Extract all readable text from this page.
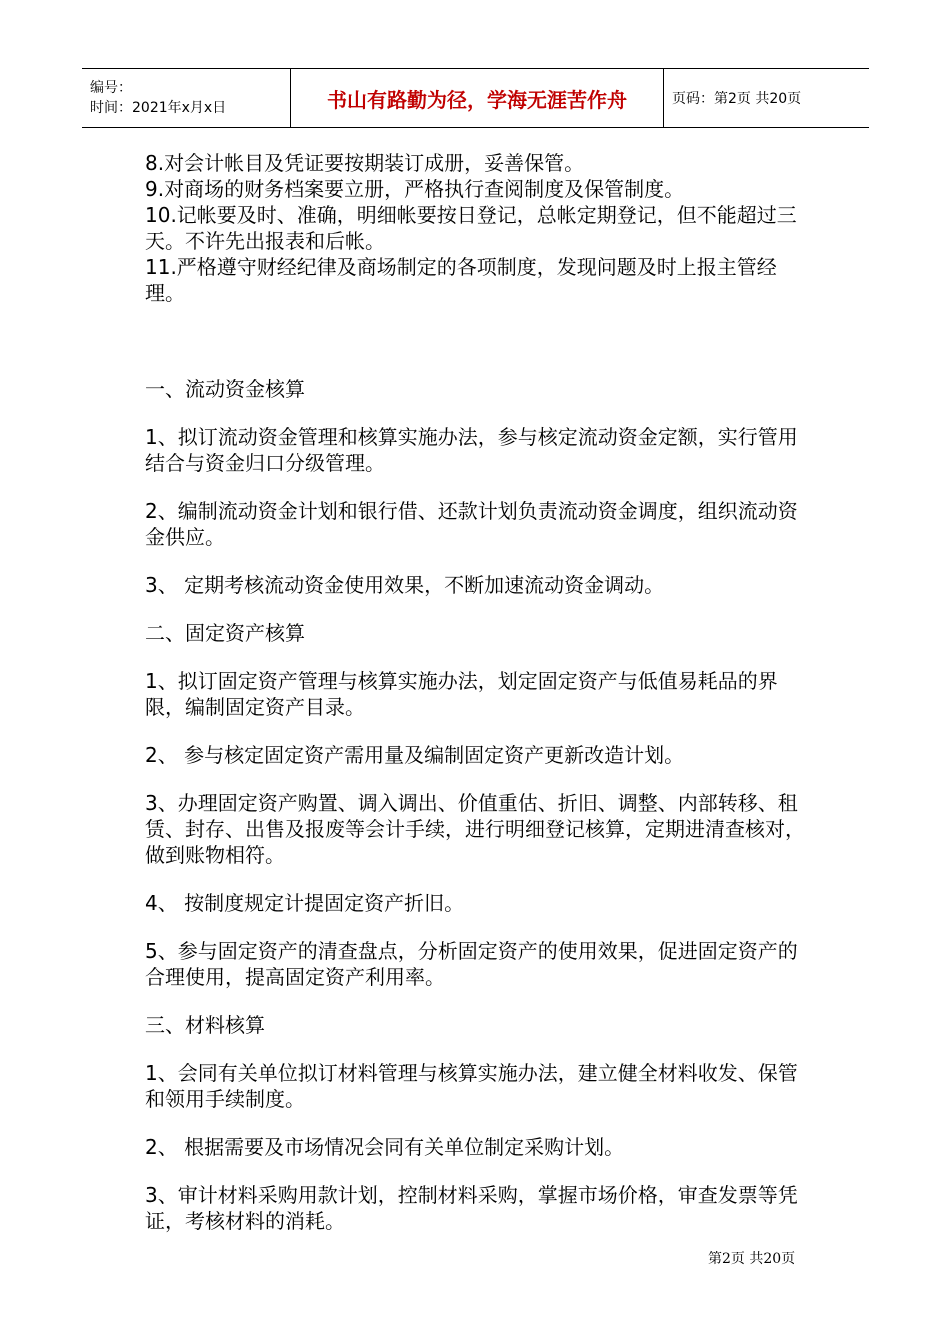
编号：
时间：2021年x月x日	书山有路勤为径，学海无涯苦作舟	页码：第2页 共20页

8.对会计帐目及凭证要按期装订成册，妥善保管。

9.对商场的财务档案要立册，严格执行查阅制度及保管制度。

10.记帐要及时、准确，明细帐要按日登记，总帐定期登记，但不能超过三天。不许先出报表和后帐。

11.严格遵守财经纪律及商场制定的各项制度，发现问题及时上报主管经理。

一、流动资金核算

1、拟订流动资金管理和核算实施办法，参与核定流动资金定额，实行管用结合与资金归口分级管理。

2、编制流动资金计划和银行借、还款计划负责流动资金调度，组织流动资金供应。

3、 定期考核流动资金使用效果，不断加速流动资金调动。

二、固定资产核算

1、拟订固定资产管理与核算实施办法，划定固定资产与低值易耗品的界限，编制固定资产目录。

2、 参与核定固定资产需用量及编制固定资产更新改造计划。

3、办理固定资产购置、调入调出、价值重估、折旧、调整、内部转移、租赁、封存、出售及报废等会计手续，进行明细登记核算，定期进清查核对，做到账物相符。

4、 按制度规定计提固定资产折旧。

5、参与固定资产的清查盘点，分析固定资产的使用效果，促进固定资产的合理使用，提高固定资产利用率。

三、材料核算

1、会同有关单位拟订材料管理与核算实施办法，建立健全材料收发、保管和领用手续制度。

2、 根据需要及市场情况会同有关单位制定采购计划。

3、审计材料采购用款计划，控制材料采购，掌握市场价格，审查发票等凭证，考核材料的消耗。

第2页 共20页
